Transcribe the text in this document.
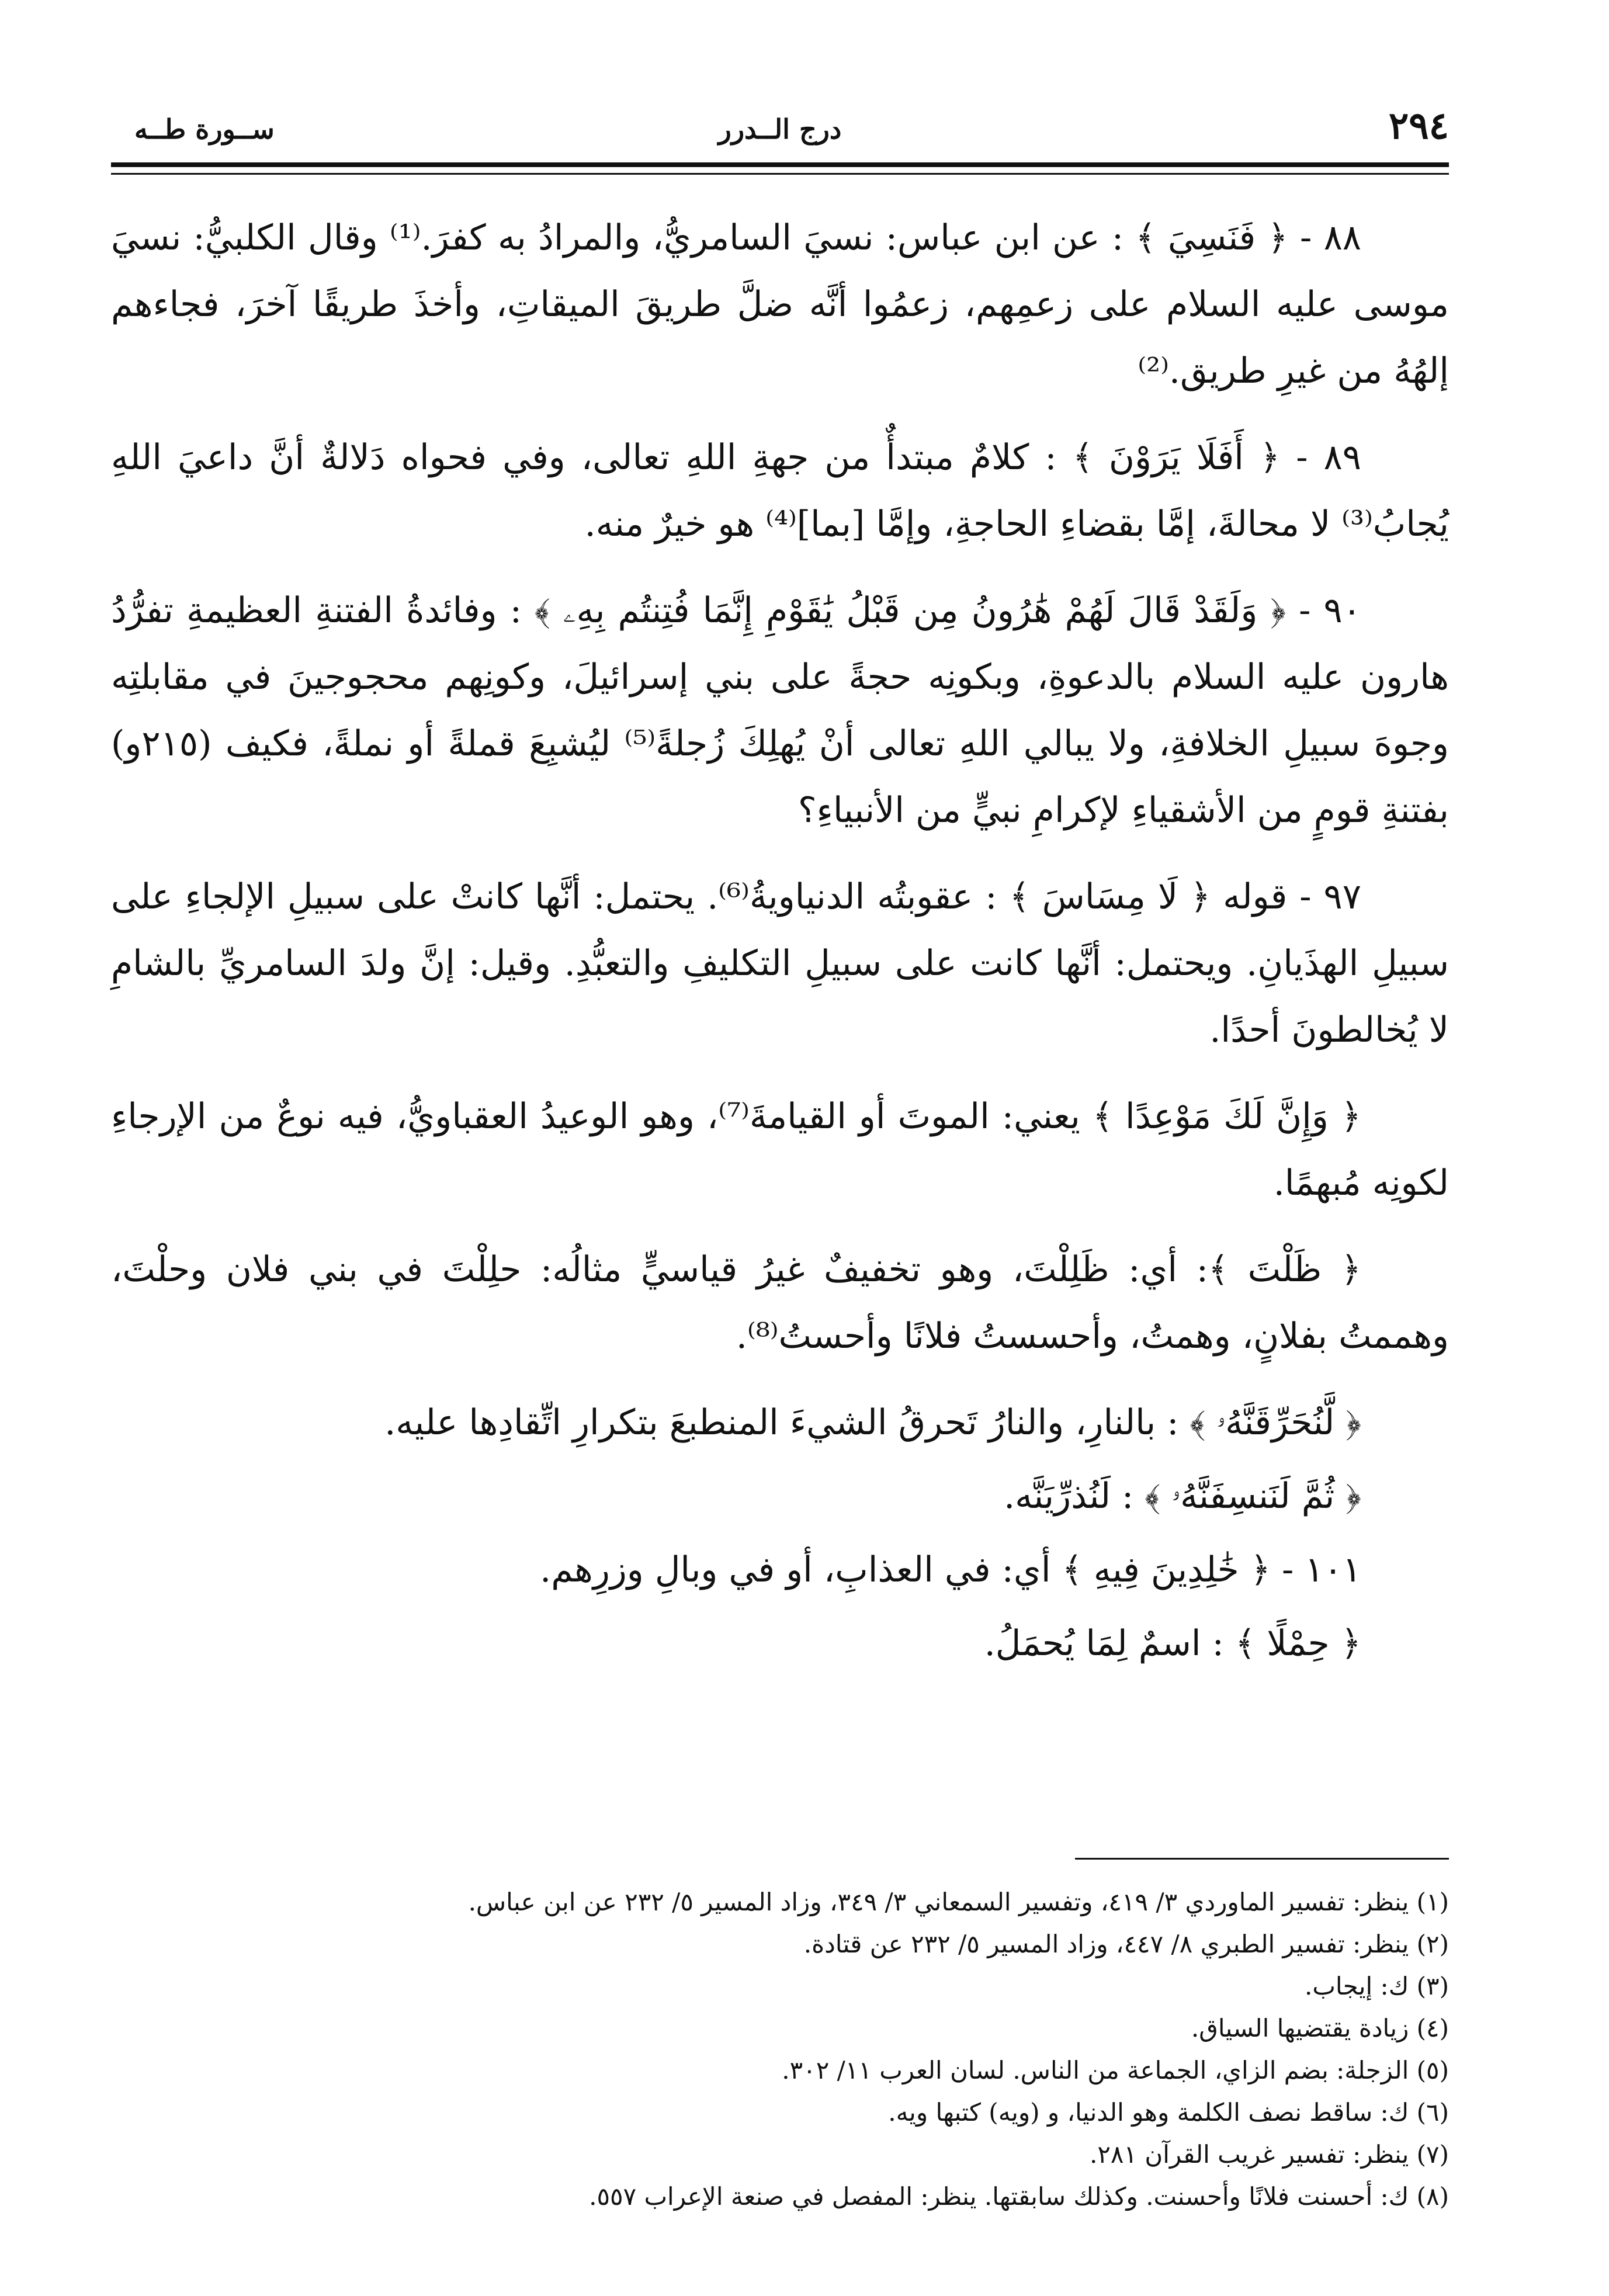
٢٩٤
درج الــدرر
ســورة طــه

٨٨ - ﴿ فَنَسِيَ ﴾ : عن ابن عباس: نسيَ السامريُّ، والمرادُ به كفرَ.⁽¹⁾ وقال الكلبيُّ: نسيَ موسى عليه السلام على زعمِهم، زعمُوا أنَّه ضلَّ طريقَ الميقاتِ، وأخذَ طريقًا آخرَ، فجاءهم إلهُهُ من غيرِ طريق.⁽²⁾

٨٩ - ﴿ أَفَلَا يَرَوْنَ ﴾ : كلامٌ مبتدأٌ من جهةِ اللهِ تعالى، وفي فحواه دَلالةٌ أنَّ داعيَ اللهِ يُجابُ⁽³⁾ لا محالةَ، إمَّا بقضاءِ الحاجةِ، وإمَّا [بما]⁽⁴⁾ هو خيرٌ منه.

٩٠ - ﴿ وَلَقَدْ قَالَ لَهُمْ هَٰرُونُ مِن قَبْلُ يَٰقَوْمِ إِنَّمَا فُتِنتُم بِهِۦ ﴾ : وفائدةُ الفتنةِ العظيمةِ تفرُّدُ هارون عليه السلام بالدعوةِ، وبكونِه حجةً على بني إسرائيلَ، وكونِهم محجوجينَ في مقابلتِه وجوهَ سبيلِ الخلافةِ، ولا يبالي اللهِ تعالى أنْ يُهلِكَ زُجلةً⁽⁵⁾ ليُشبِعَ قملةً أو نملةً، فكيف (٢١٥و) بفتنةِ قومٍ من الأشقياءِ لإكرامِ نبيٍّ من الأنبياءِ؟

٩٧ - قوله ﴿ لَا مِسَاسَ ﴾ : عقوبتُه الدنياويةُ⁽⁶⁾. يحتمل: أنَّها كانتْ على سبيلِ الإلجاءِ على سبيلِ الهذَيانِ. ويحتمل: أنَّها كانت على سبيلِ التكليفِ والتعبُّدِ. وقيل: إنَّ ولدَ السامريِّ بالشامِ لا يُخالطونَ أحدًا.

﴿ وَإِنَّ لَكَ مَوْعِدًا ﴾ يعني: الموتَ أو القيامةَ⁽⁷⁾، وهو الوعيدُ العقباويُّ، فيه نوعٌ من الإرجاءِ لكونِه مُبهمًا.

﴿ ظَلْتَ ﴾: أي: ظَلِلْتَ، وهو تخفيفٌ غيرُ قياسيٍّ مثالُه: حلِلْتَ في بني فلان وحلْتَ، وهممتُ بفلانٍ، وهمتُ، وأحسستُ فلانًا وأحستُ⁽⁸⁾.

﴿ لَّنُحَرِّقَنَّهُۥ ﴾ : بالنارِ، والنارُ تَحرقُ الشيءَ المنطبعَ بتكرارِ اتِّقادِها عليه.

﴿ ثُمَّ لَنَنسِفَنَّهُۥ ﴾ : لَنُذرِّيَنَّه.

١٠١ - ﴿ خَٰلِدِينَ فِيهِ ﴾ أي: في العذابِ، أو في وبالِ وزرِهم.

﴿ حِمْلًا ﴾ : اسمٌ لِمَا يُحمَلُ.

(١) ينظر: تفسير الماوردي ٣/ ٤١٩، وتفسير السمعاني ٣/ ٣٤٩، وزاد المسير ٥/ ٢٣٢ عن ابن عباس.

(٢) ينظر: تفسير الطبري ٨/ ٤٤٧، وزاد المسير ٥/ ٢٣٢ عن قتادة.

(٣) ك: إيجاب.

(٤) زيادة يقتضيها السياق.

(٥) الزجلة: بضم الزاي، الجماعة من الناس. لسان العرب ١١/ ٣٠٢.

(٦) ك: ساقط نصف الكلمة وهو الدنيا، و (ويه) كتبها ويه.

(٧) ينظر: تفسير غريب القرآن ٢٨١.

(٨) ك: أحسنت فلانًا وأحسنت. وكذلك سابقتها. ينظر: المفصل في صنعة الإعراب ٥٥٧.
